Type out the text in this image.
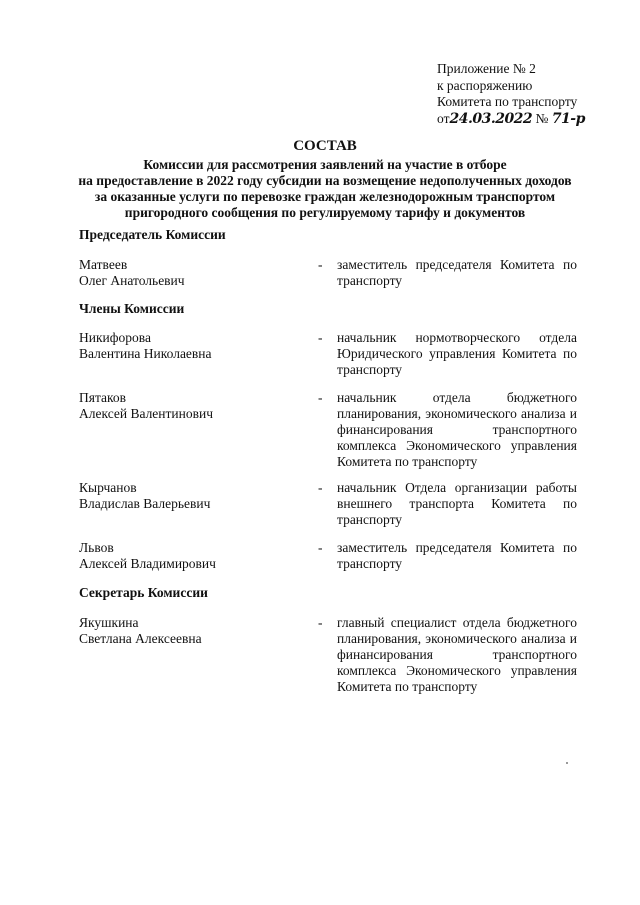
Приложение № 2
к распоряжению
Комитета по транспорту
от24.03.2022 № 71-р
СОСТАВ
Комиссии для рассмотрения заявлений на участие в отборе
на предоставление в 2022 году субсидии на возмещение недополученных доходов
за оказанные услуги по перевозке граждан железнодорожным транспортом
пригородного сообщения по регулируемому тарифу и документов
Председатель Комиссии
Матвеев
Олег Анатольевич
- заместитель председателя Комитета по транспорту
Члены Комиссии
Никифорова
Валентина Николаевна
- начальник нормотворческого отдела Юридического управления Комитета по транспорту
Пятаков
Алексей Валентинович
- начальник отдела бюджетного планирования, экономического анализа и финансирования транспортного комплекса Экономического управления Комитета по транспорту
Кырчанов
Владислав Валерьевич
- начальник Отдела организации работы внешнего транспорта Комитета по транспорту
Львов
Алексей Владимирович
- заместитель председателя Комитета по транспорту
Секретарь Комиссии
Якушкина
Светлана Алексеевна
- главный специалист отдела бюджетного планирования, экономического анализа и финансирования транспортного комплекса Экономического управления Комитета по транспорту
